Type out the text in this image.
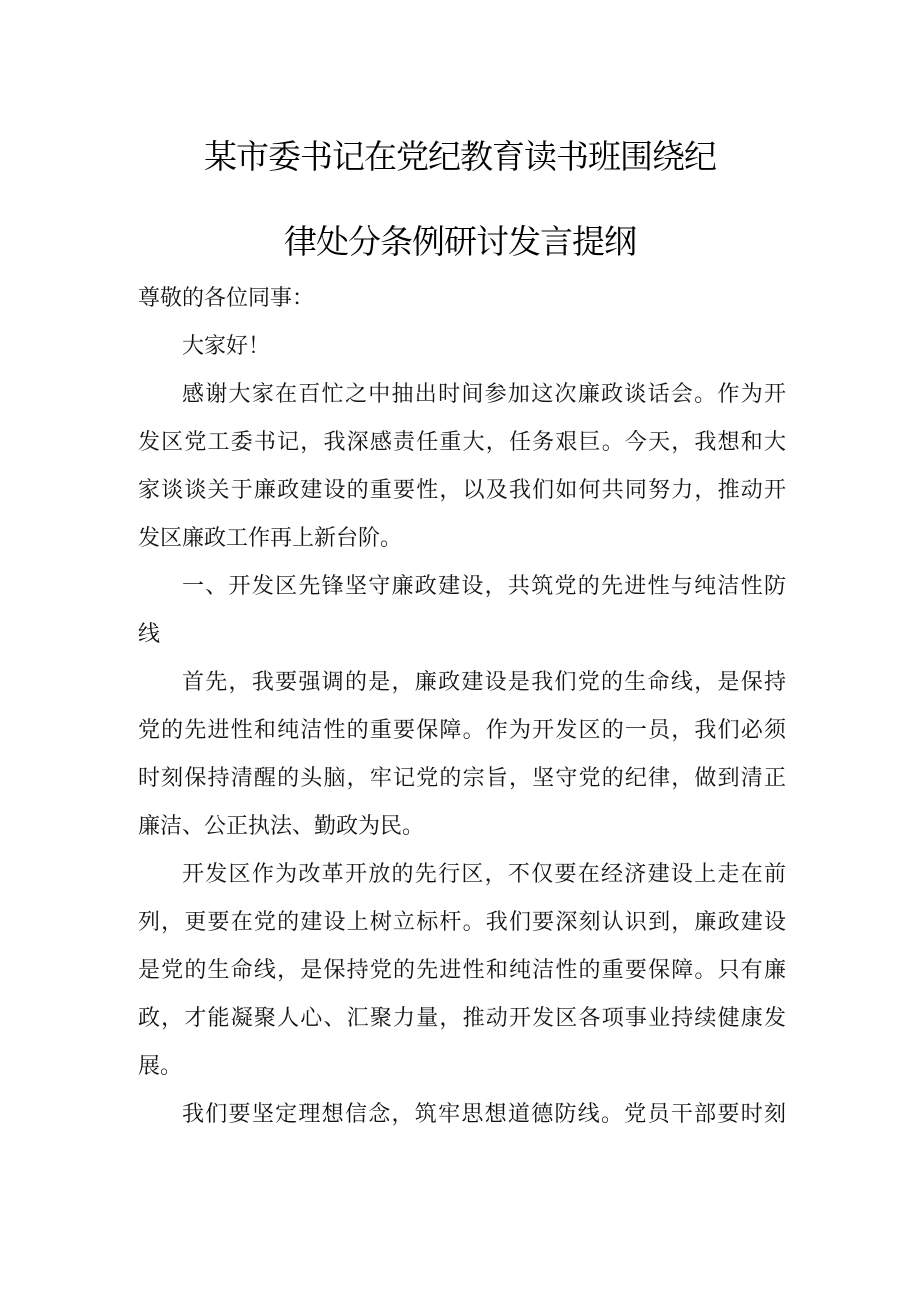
某市委书记在党纪教育读书班围绕纪
律处分条例研讨发言提纲
尊敬的各位同事：
大家好！
感谢大家在百忙之中抽出时间参加这次廉政谈话会。作为开
发区党工委书记，我深感责任重大，任务艰巨。今天，我想和大
家谈谈关于廉政建设的重要性，以及我们如何共同努力，推动开
发区廉政工作再上新台阶。
一、开发区先锋坚守廉政建设，共筑党的先进性与纯洁性防
线
首先，我要强调的是，廉政建设是我们党的生命线，是保持
党的先进性和纯洁性的重要保障。作为开发区的一员，我们必须
时刻保持清醒的头脑，牢记党的宗旨，坚守党的纪律，做到清正
廉洁、公正执法、勤政为民。
开发区作为改革开放的先行区，不仅要在经济建设上走在前
列，更要在党的建设上树立标杆。我们要深刻认识到，廉政建设
是党的生命线，是保持党的先进性和纯洁性的重要保障。只有廉
政，才能凝聚人心、汇聚力量，推动开发区各项事业持续健康发
展。
我们要坚定理想信念，筑牢思想道德防线。党员干部要时刻
